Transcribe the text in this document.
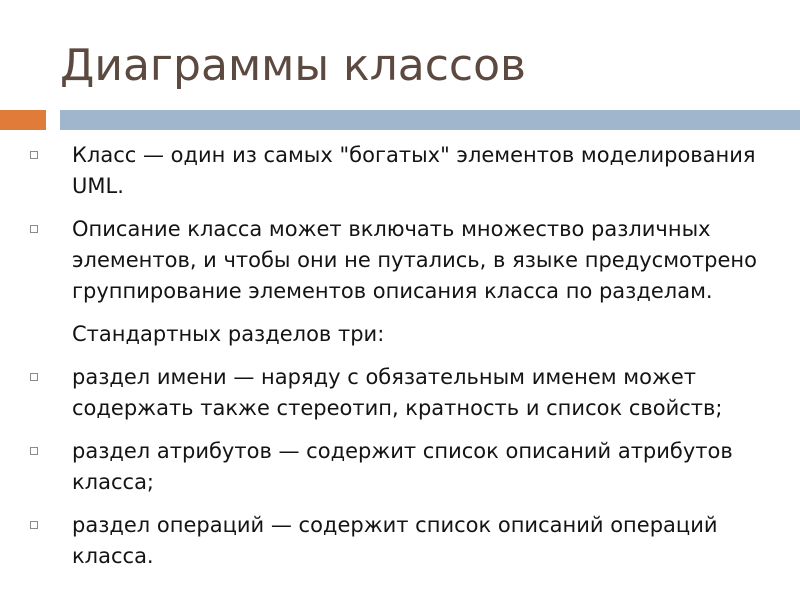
Диаграммы классов
Класс — один из самых "богатых" элементов моделирования UML.
Описание класса может включать множество различных элементов, и чтобы они не путались, в языке предусмотрено группирование элементов описания класса по разделам.
Стандартных разделов три:
раздел имени — наряду с обязательным именем может содержать также стереотип, кратность и список свойств;
раздел атрибутов — содержит список описаний атрибутов класса;
раздел операций — содержит список описаний операций класса.
